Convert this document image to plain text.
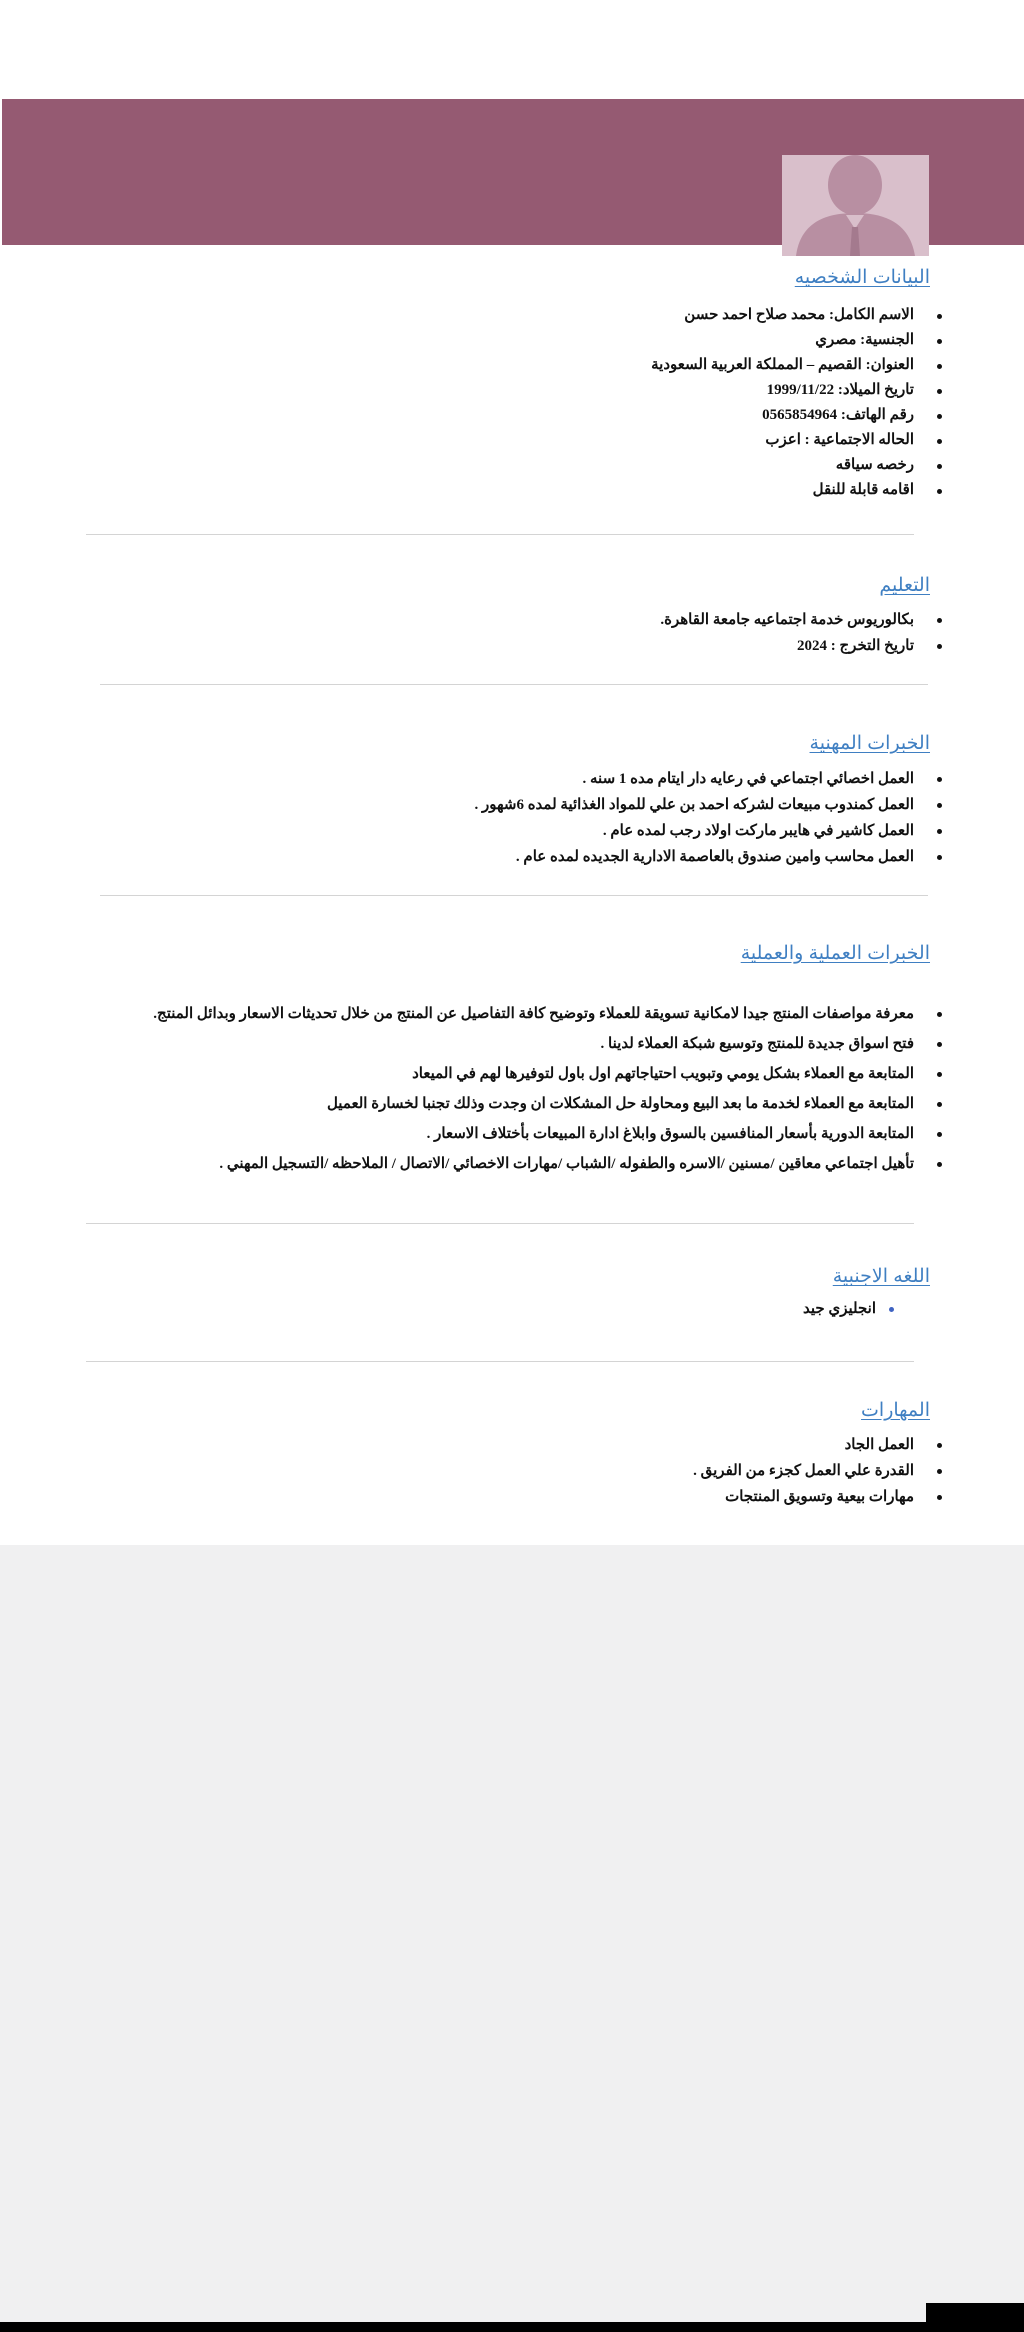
البيانات الشخصيه
الاسم الكامل: محمد صلاح احمد حسن
الجنسية: مصري
العنوان: القصيم – المملكة العربية السعودية
تاريخ الميلاد: 1999/11/22
رقم الهاتف: 0565854964
الحاله الاجتماعية : اعزب
رخصه سياقه
اقامه قابلة للنقل
التعليم
بكالوريوس خدمة اجتماعيه جامعة القاهرة.
تاريخ التخرج : 2024
الخبرات المهنية
العمل اخصائي اجتماعي في رعايه دار ايتام مده 1 سنه .
العمل كمندوب مبيعات لشركه احمد بن علي للمواد الغذائية لمده 6شهور .
العمل كاشير في هايبر ماركت اولاد رجب لمده عام .
العمل محاسب وامين صندوق بالعاصمة الادارية الجديده لمده عام .
الخبرات العملية والعملية
معرفة مواصفات المنتج جيدا لامكانية تسويقة للعملاء وتوضيح كافة التفاصيل عن المنتج من خلال تحديثات الاسعار وبدائل المنتج.
فتح اسواق جديدة للمنتج وتوسيع شبكة العملاء لدينا .
المتابعة مع العملاء بشكل يومي وتبويب احتياجاتهم اول باول لتوفيرها لهم في الميعاد
المتابعة مع العملاء لخدمة ما بعد البيع ومحاولة حل المشكلات ان وجدت وذلك تجنبا لخسارة العميل
المتابعة الدورية بأسعار المنافسين بالسوق وابلاغ ادارة المبيعات بأختلاف الاسعار .
تأهيل اجتماعي معاقين /مسنين /الاسره والطفوله /الشباب /مهارات الاخصائي /الاتصال / الملاحظه /التسجيل المهني .
اللغه الاجنبية
انجليزي جيد
المهارات
العمل الجاد
القدرة علي العمل كجزء من الفريق .
مهارات بيعية وتسويق المنتجات
